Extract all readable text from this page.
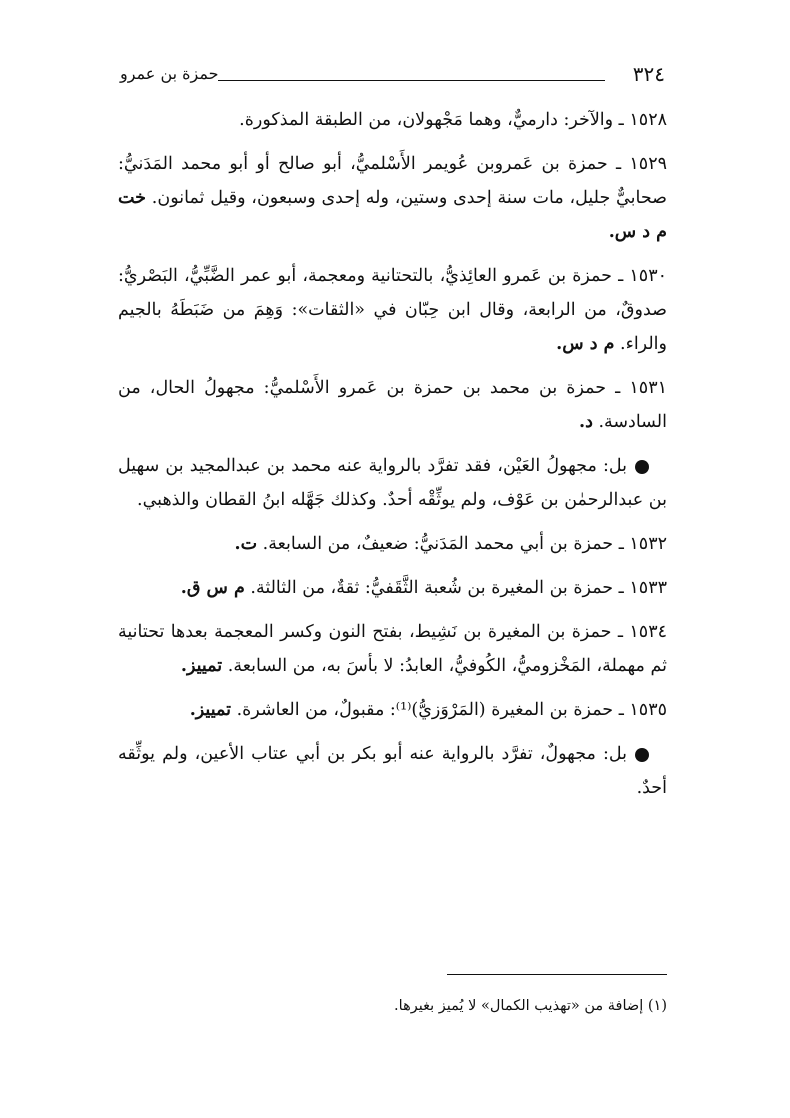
٣٢٤
حمزة بن عمرو

١٥٢٨ ـ والآخر: دارميٌّ، وهما مَجْهولان، من الطبقة المذكورة.

١٥٢٩ ـ حمزة بن عَمروبن عُويمر الأَسْلميُّ، أبو صالح أو أبو محمد المَدَنيُّ: صحابيٌّ جليل، مات سنة إحدى وستين، وله إحدى وسبعون، وقيل ثمانون. خت م د س.

١٥٣٠ ـ حمزة بن عَمرو العائِذيُّ، بالتحتانية ومعجمة، أبو عمر الضَّبِّيُّ، البَصْريُّ: صدوقٌ، من الرابعة، وقال ابن حِبّان في «الثقات»: وَهِمَ من ضَبَطَهُ بالجيم والراء. م د س.

١٥٣١ ـ حمزة بن محمد بن حمزة بن عَمرو الأَسْلميُّ: مجهولُ الحال، من السادسة. د.

بل: مجهولُ العَيْن، فقد تفرَّد بالرواية عنه محمد بن عبدالمجيد بن سهيل بن عبدالرحمٰن بن عَوْف، ولم يوثِّقْه أحدٌ. وكذلك جَهَّله ابنُ القطان والذهبي.

١٥٣٢ ـ حمزة بن أبي محمد المَدَنيُّ: ضعيفٌ، من السابعة. ت.

١٥٣٣ ـ حمزة بن المغيرة بن شُعبة الثَّقَفيُّ: ثقةٌ، من الثالثة. م س ق.

١٥٣٤ ـ حمزة بن المغيرة بن نَشِيط، بفتح النون وكسر المعجمة بعدها تحتانية ثم مهملة، المَخْزوميُّ، الكُوفيُّ، العابدُ: لا بأسَ به، من السابعة. تمييز.

١٥٣٥ ـ حمزة بن المغيرة (المَرْوَزيُّ)⁽¹⁾: مقبولٌ، من العاشرة. تمييز.

بل: مجهولٌ، تفرَّد بالرواية عنه أبو بكر بن أبي عتاب الأعين، ولم يوثِّقه أحدٌ.

(١) إضافة من «تهذيب الكمال» لا يُميز بغيرها.
